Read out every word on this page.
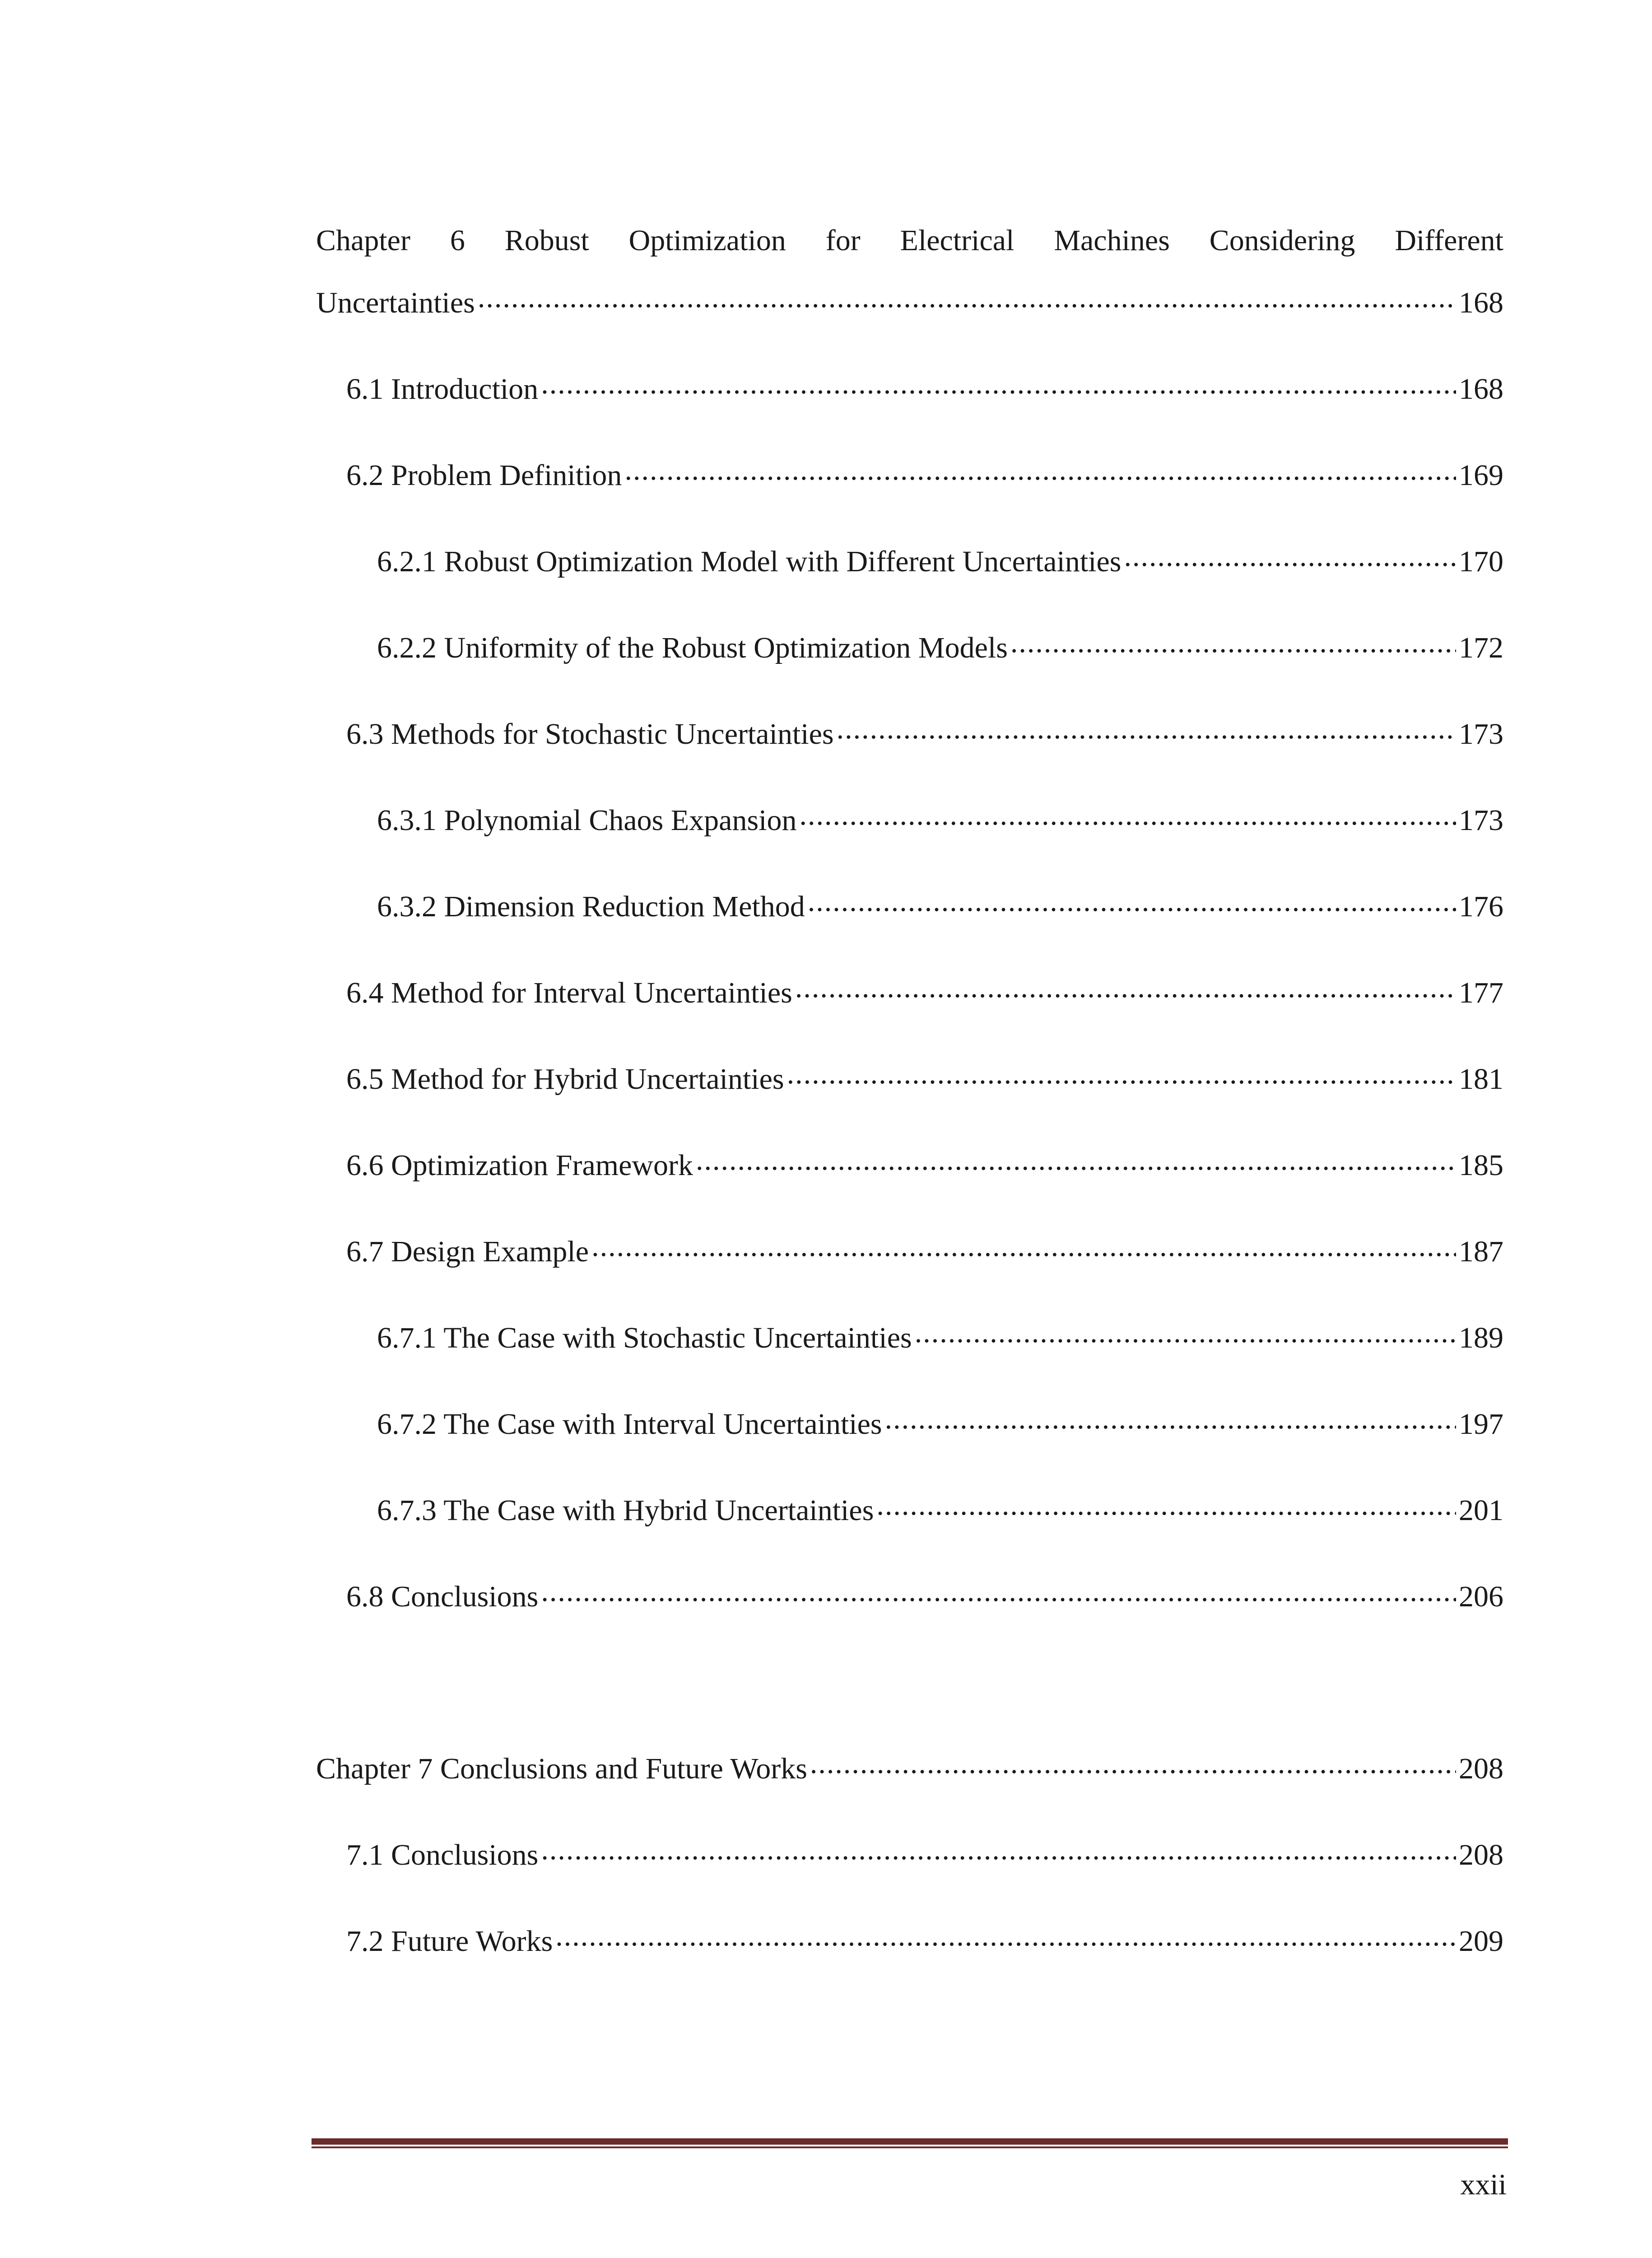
Chapter 6 Robust Optimization for Electrical Machines Considering Different
Uncertainties .....	168
6.1 Introduction .....	168
6.2 Problem Definition .....	169
6.2.1 Robust Optimization Model with Different Uncertainties .....	170
6.2.2 Uniformity of the Robust Optimization Models .....	172
6.3 Methods for Stochastic Uncertainties .....	173
6.3.1 Polynomial Chaos Expansion .....	173
6.3.2 Dimension Reduction Method .....	176
6.4 Method for Interval Uncertainties .....	177
6.5 Method for Hybrid Uncertainties .....	181
6.6 Optimization Framework .....	185
6.7 Design Example .....	187
6.7.1 The Case with Stochastic Uncertainties .....	189
6.7.2 The Case with Interval Uncertainties .....	197
6.7.3 The Case with Hybrid Uncertainties .....	201
6.8 Conclusions .....	206
Chapter 7 Conclusions and Future Works .....	208
7.1 Conclusions .....	208
7.2 Future Works .....	209
xxii
